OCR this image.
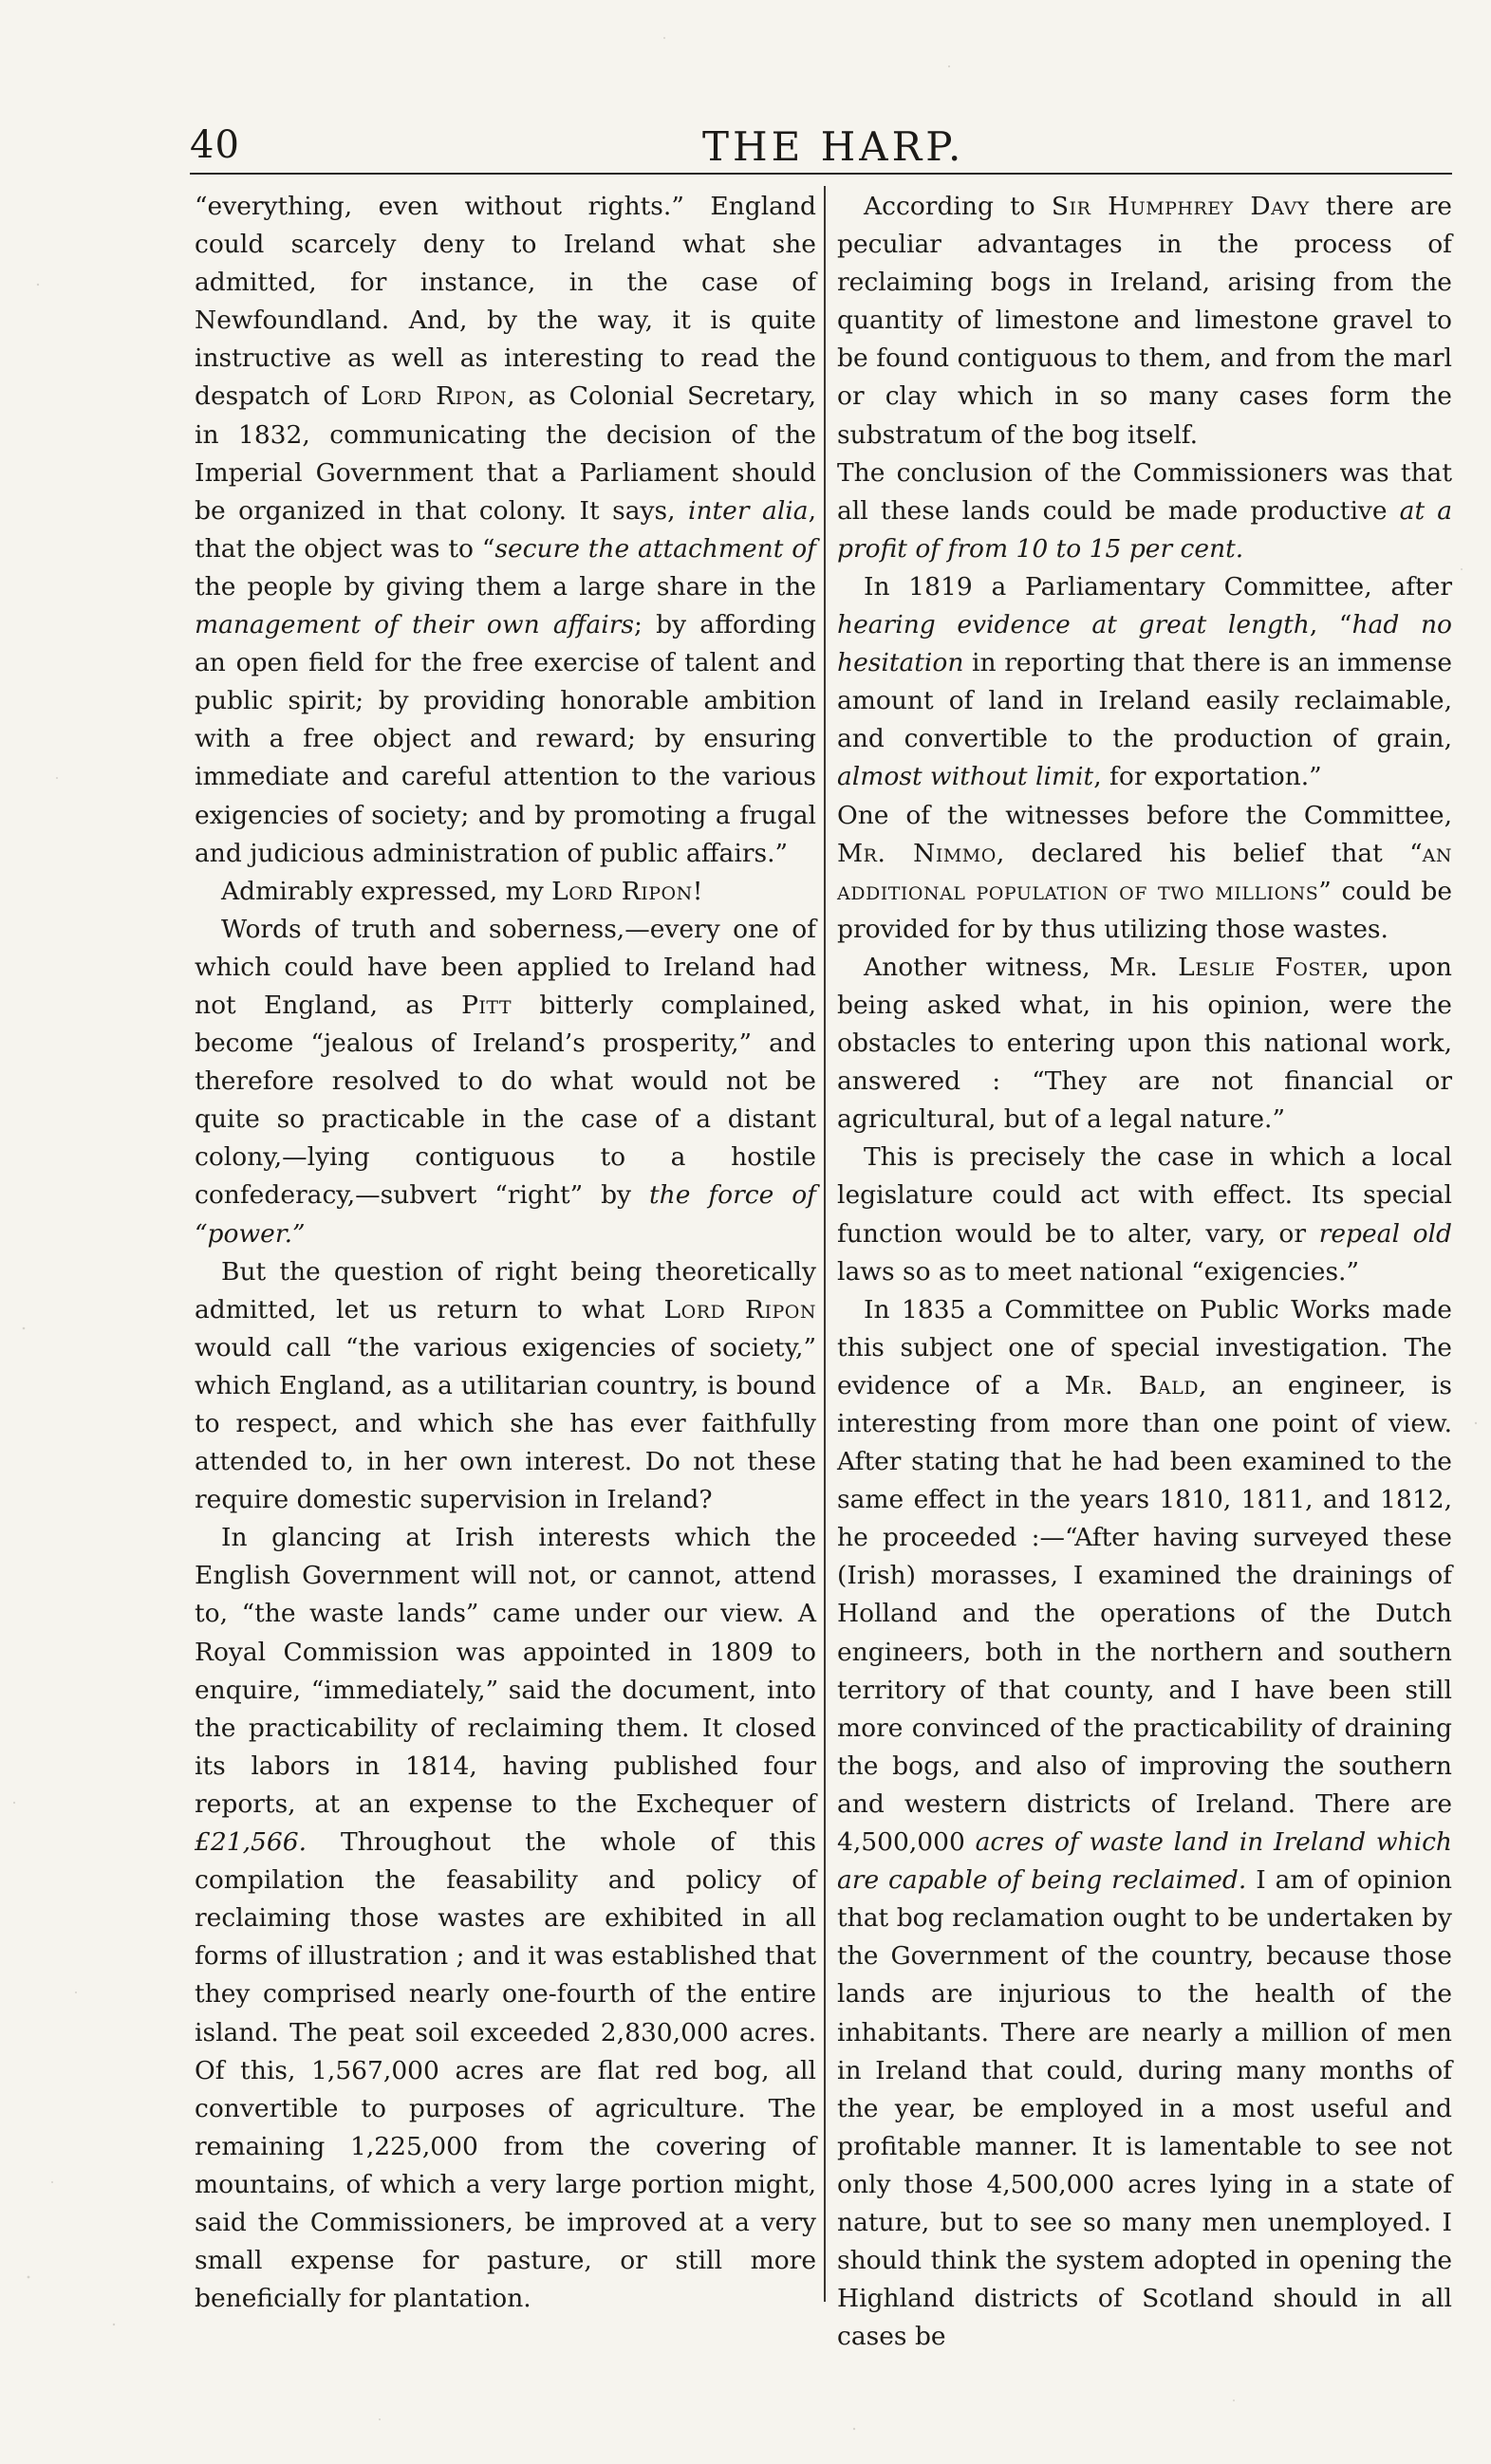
40	THE HARP.

“everything, even without rights.” England could scarcely deny to Ireland what she admitted, for instance, in the case of Newfoundland. And, by the way, it is quite instructive as well as interesting to read the despatch of Lord Ripon, as Colonial Secretary, in 1832, communicating the decision of the Imperial Government that a Parliament should be organized in that colony. It says, inter alia, that the object was to “secure the attachment of the people by giving them a large share in the management of their own affairs; by affording an open field for the free exercise of talent and public spirit; by providing honorable ambition with a free object and reward; by ensuring immediate and careful attention to the various exigencies of society; and by promoting a frugal and judicious administration of public affairs.”

Admirably expressed, my Lord Ripon!

Words of truth and soberness,—every one of which could have been applied to Ireland had not England, as Pitt bitterly complained, become “jealous of Ireland’s prosperity,” and therefore resolved to do what would not be quite so practicable in the case of a distant colony,—lying contiguous to a hostile confederacy,—subvert “right” by the force of “power.”

But the question of right being theoretically admitted, let us return to what Lord Ripon would call “the various exigencies of society,” which England, as a utilitarian country, is bound to respect, and which she has ever faithfully attended to, in her own interest. Do not these require domestic supervision in Ireland?

In glancing at Irish interests which the English Government will not, or cannot, attend to, “the waste lands” came under our view. A Royal Commission was appointed in 1809 to enquire, “immediately,” said the document, into the practicability of reclaiming them. It closed its labors in 1814, having published four reports, at an expense to the Exchequer of £21,566. Throughout the whole of this compilation the feasability and policy of reclaiming those wastes are exhibited in all forms of illustration ; and it was established that they comprised nearly one-fourth of the entire island. The peat soil exceeded 2,830,000 acres. Of this, 1,567,000 acres are flat red bog, all convertible to purposes of agriculture. The remaining 1,225,000 from the covering of mountains, of which a very large portion might, said the Commissioners, be improved at a very small expense for pasture, or still more beneficially for plantation.

According to Sir Humphrey Davy there are peculiar advantages in the process of reclaiming bogs in Ireland, arising from the quantity of limestone and limestone gravel to be found contiguous to them, and from the marl or clay which in so many cases form the substratum of the bog itself.

The conclusion of the Commissioners was that all these lands could be made productive at a profit of from 10 to 15 per cent.

In 1819 a Parliamentary Committee, after hearing evidence at great length, “had no hesitation in reporting that there is an immense amount of land in Ireland easily reclaimable, and convertible to the production of grain, almost without limit, for exportation.”

One of the witnesses before the Committee, Mr. Nimmo, declared his belief that “an additional population of two millions” could be provided for by thus utilizing those wastes.

Another witness, Mr. Leslie Foster, upon being asked what, in his opinion, were the obstacles to entering upon this national work, answered : “They are not financial or agricultural, but of a legal nature.”

This is precisely the case in which a local legislature could act with effect. Its special function would be to alter, vary, or repeal old laws so as to meet national “exigencies.”

In 1835 a Committee on Public Works made this subject one of special investigation. The evidence of a Mr. Bald, an engineer, is interesting from more than one point of view. After stating that he had been examined to the same effect in the years 1810, 1811, and 1812, he proceeded :—“After having surveyed these (Irish) morasses, I examined the drainings of Holland and the operations of the Dutch engineers, both in the northern and southern territory of that county, and I have been still more convinced of the practicability of draining the bogs, and also of improving the southern and western districts of Ireland. There are 4,500,000 acres of waste land in Ireland which are capable of being reclaimed. I am of opinion that bog reclamation ought to be undertaken by the Government of the country, because those lands are injurious to the health of the inhabitants. There are nearly a million of men in Ireland that could, during many months of the year, be employed in a most useful and profitable manner. It is lamentable to see not only those 4,500,000 acres lying in a state of nature, but to see so many men unemployed. I should think the system adopted in opening the Highland districts of Scotland should in all cases be
